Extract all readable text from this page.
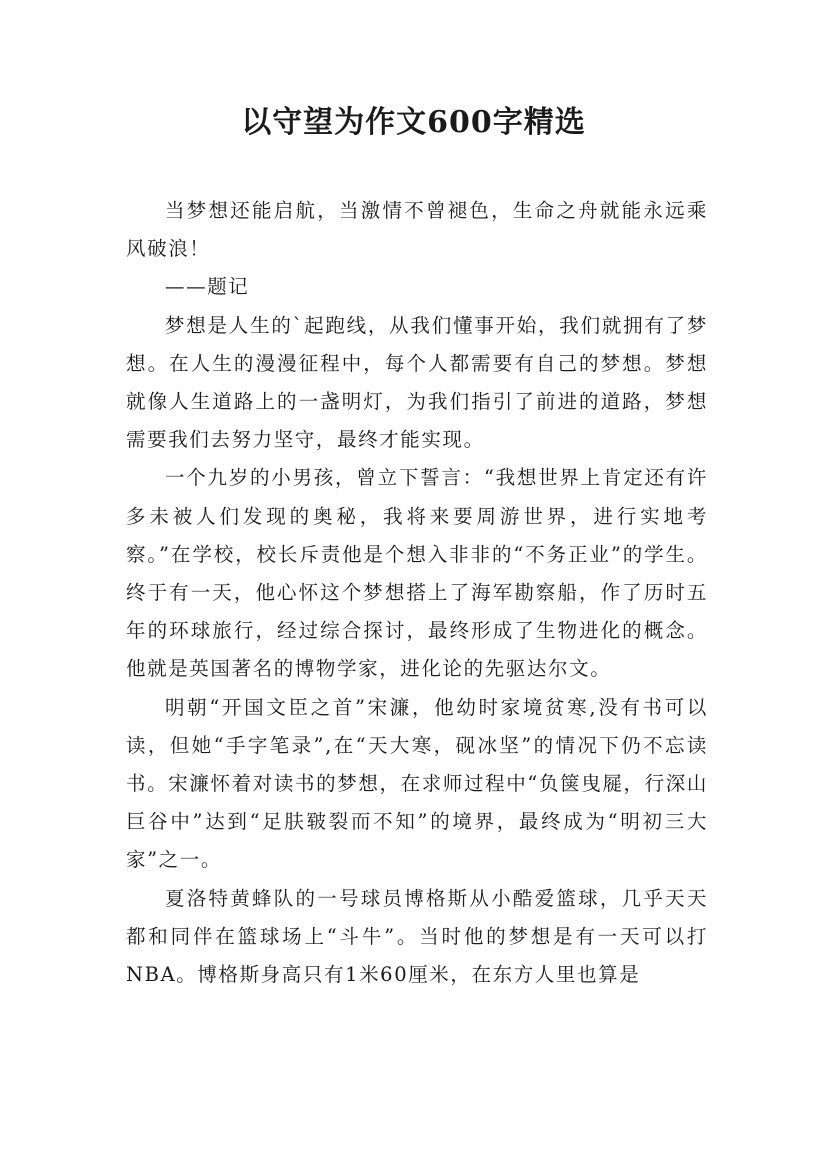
以守望为作文600字精选

当梦想还能启航，当激情不曾褪色，生命之舟就能永远乘风破浪！

——题记

梦想是人生的`起跑线，从我们懂事开始，我们就拥有了梦想。在人生的漫漫征程中，每个人都需要有自己的梦想。梦想就像人生道路上的一盏明灯，为我们指引了前进的道路，梦想需要我们去努力坚守，最终才能实现。

一个九岁的小男孩，曾立下誓言：“我想世界上肯定还有许多未被人们发现的奥秘，我将来要周游世界，进行实地考察。”在学校，校长斥责他是个想入非非的“不务正业”的学生。终于有一天，他心怀这个梦想搭上了海军勘察船，作了历时五年的环球旅行，经过综合探讨，最终形成了生物进化的概念。他就是英国著名的博物学家，进化论的先驱达尔文。

明朝“开国文臣之首”宋濂，他幼时家境贫寒,没有书可以读，但她“手字笔录”,在“天大寒，砚冰坚”的情况下仍不忘读书。宋濂怀着对读书的梦想，在求师过程中“负箧曳屣，行深山巨谷中”达到“足肤皲裂而不知”的境界，最终成为“明初三大家”之一。

夏洛特黄蜂队的一号球员博格斯从小酷爱篮球，几乎天天都和同伴在篮球场上“斗牛”。当时他的梦想是有一天可以打NBA。博格斯身高只有1米60厘米，在东方人里也算是
